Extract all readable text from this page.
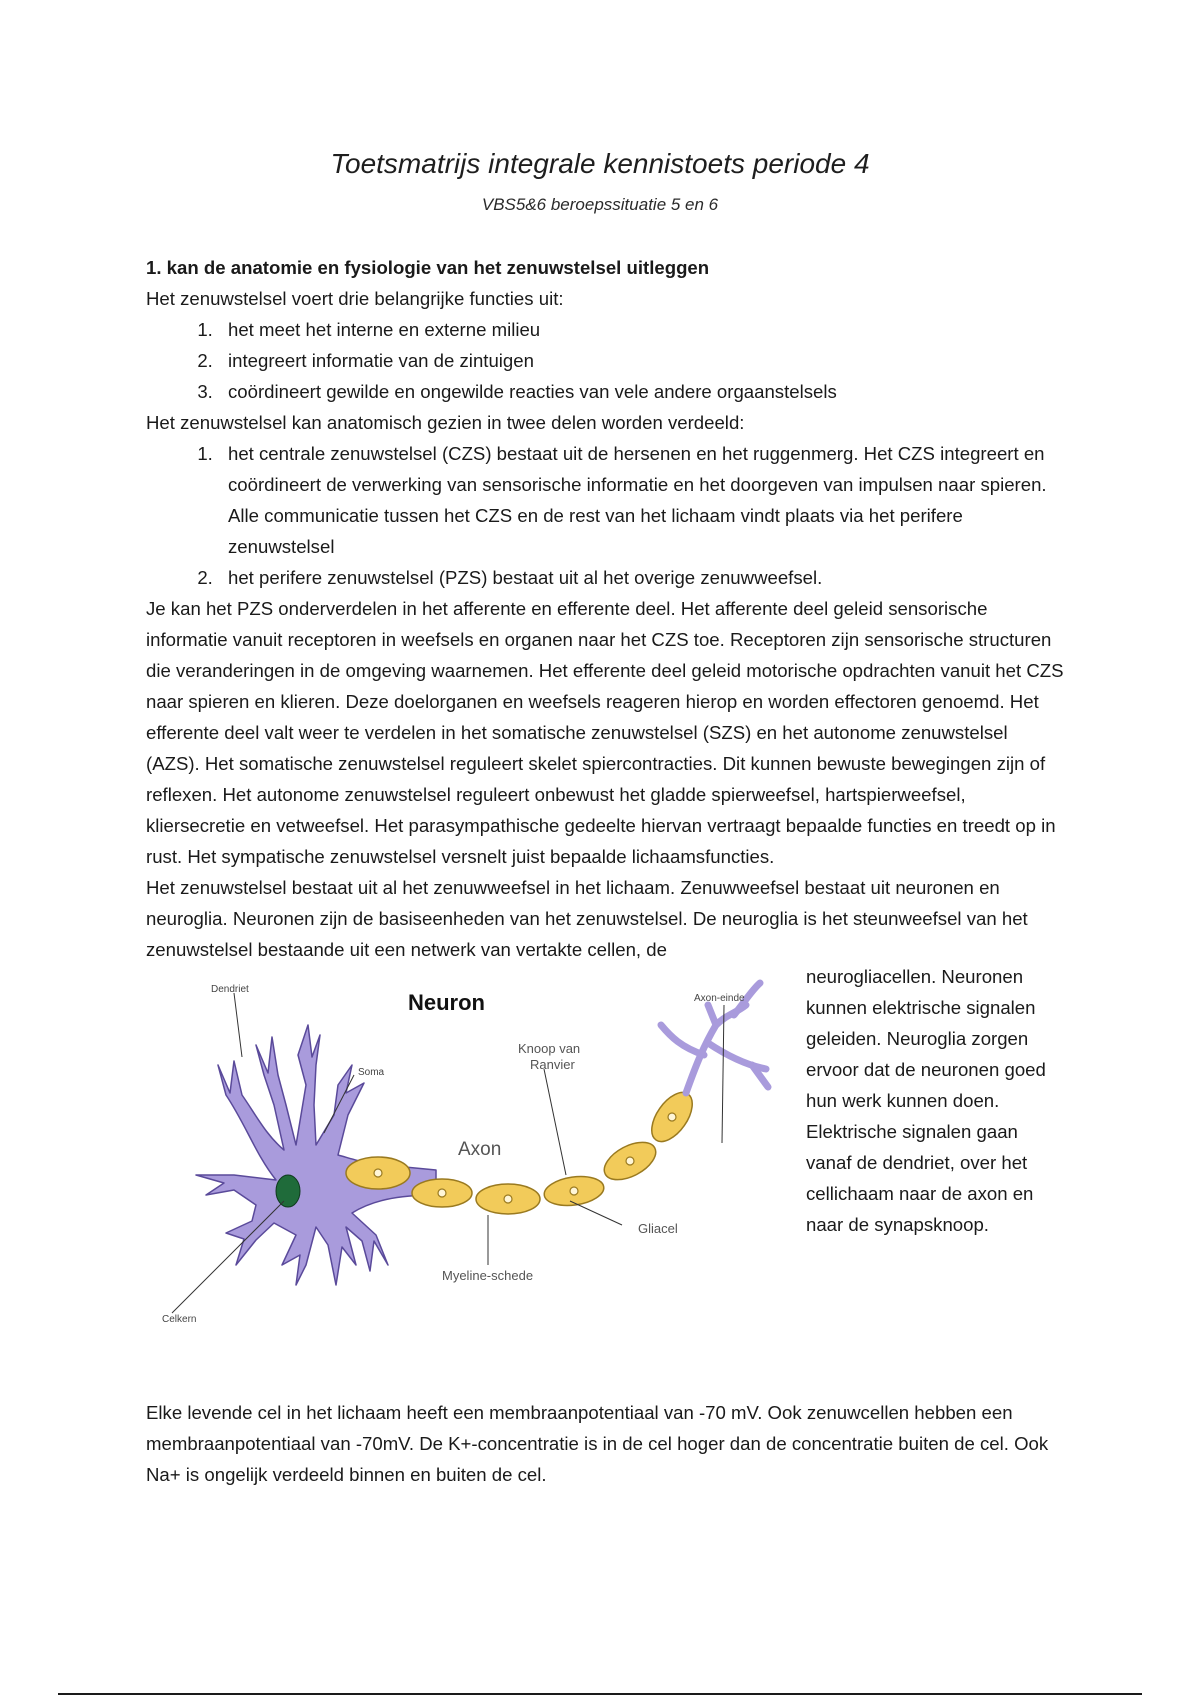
Toetsmatrijs integrale kennistoets periode 4
VBS5&6 beroepssituatie 5 en 6

1. kan de anatomie en fysiologie van het zenuwstelsel uitleggen

Het zenuwstelsel voert drie belangrijke functies uit:

1. het meet het interne en externe milieu
2. integreert informatie van de zintuigen
3. coördineert gewilde en ongewilde reacties van vele andere orgaanstelsels

Het zenuwstelsel kan anatomisch gezien in twee delen worden verdeeld:

1. het centrale zenuwstelsel (CZS) bestaat uit de hersenen en het ruggenmerg. Het CZS integreert en coördineert de verwerking van sensorische informatie en het doorgeven van impulsen naar spieren. Alle communicatie tussen het CZS en de rest van het lichaam vindt plaats via het perifere zenuwstelsel
2. het perifere zenuwstelsel (PZS) bestaat uit al het overige zenuwweefsel.

Je kan het PZS onderverdelen in het afferente en efferente deel. Het afferente deel geleid sensorische informatie vanuit receptoren in weefsels en organen naar het CZS toe. Receptoren zijn sensorische structuren die veranderingen in de omgeving waarnemen. Het efferente deel geleid motorische opdrachten vanuit het CZS naar spieren en klieren. Deze doelorganen en weefsels reageren hierop en worden effectoren genoemd. Het efferente deel valt weer te verdelen in het somatische zenuwstelsel (SZS) en het autonome zenuwstelsel (AZS). Het somatische zenuwstelsel reguleert skelet spiercontracties. Dit kunnen bewuste bewegingen zijn of reflexen. Het autonome zenuwstelsel reguleert onbewust het gladde spierweefsel, hartspierweefsel, kliersecretie en vetweefsel. Het parasympathische gedeelte hiervan vertraagt bepaalde functies en treedt op in rust. Het sympatische zenuwstelsel versnelt juist bepaalde lichaamsfuncties.

Het zenuwstelsel bestaat uit al het zenuwweefsel in het lichaam. Zenuwweefsel bestaat uit neuronen en neuroglia. Neuronen zijn de basiseenheden van het zenuwstelsel. De neuroglia is het steunweefsel van het zenuwstelsel bestaande uit een netwerk van vertakte cellen, de

Dendriet
Neuron	Axon-einde
Soma
Knoop van
Ranvier
Axon
Gliacel
Myeline-schede
Celkern

neurogliacellen. Neuronen kunnen elektrische signalen geleiden. Neuroglia zorgen ervoor dat de neuronen goed hun werk kunnen doen. Elektrische signalen gaan vanaf de dendriet, over het cellichaam naar de axon en naar de synapsknoop.

Elke levende cel in het lichaam heeft een membraanpotentiaal van -70 mV. Ook zenuwcellen hebben een membraanpotentiaal van -70mV. De K+-concentratie is in de cel hoger dan de concentratie buiten de cel. Ook Na+ is ongelijk verdeeld binnen en buiten de cel.
